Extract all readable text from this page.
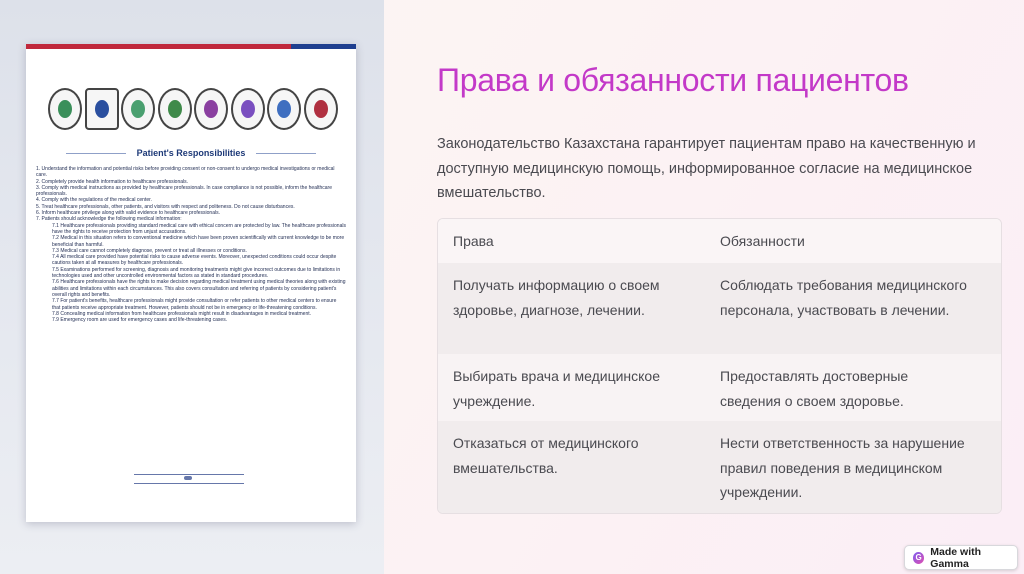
Patient's Responsibilities
1. Understand the information and potential risks before providing consent or non-consent to undergo medical investigations or medical care.
2. Completely provide health information to healthcare professionals.
3. Comply with medical instructions as provided by healthcare professionals. In case compliance is not possible, inform the healthcare professionals.
4. Comply with the regulations of the medical center.
5. Treat healthcare professionals, other patients, and visitors with respect and politeness. Do not cause disturbances.
6. Inform healthcare privilege along with valid evidence to healthcare professionals.
7. Patients should acknowledge the following medical information:
7.1 Healthcare professionals providing standard medical care with ethical concern are protected by law. The healthcare professionals have the rights to receive protection from unjust accusations.
7.2 Medical in this situation refers to conventional medicine which have been proven scientifically with current knowledge to be more beneficial than harmful.
7.3 Medical care cannot completely diagnose, prevent or treat all illnesses or conditions.
7.4 All medical care provided have potential risks to cause adverse events. Moreover, unexpected conditions could occur despite cautions taken at all measures by healthcare professionals.
7.5 Examinations performed for screening, diagnosis and monitoring treatments might give incorrect outcomes due to limitations in technologies used and other uncontrolled environmental factors as stated in standard procedures.
7.6 Healthcare professionals have the rights to make decision regarding medical treatment using medical theories along with existing abilities and limitations within each circumstances. This also covers consultation and referring of patients by considering patient's overall rights and benefits.
7.7 For patient's benefits, healthcare professionals might provide consultation or refer patients to other medical centers to ensure that patients receive appropriate treatment. However, patients should not be in emergency or life-threatening conditions.
7.8 Concealing medical information from healthcare professionals might result in disadvantages in medical treatment.
7.9 Emergency room are used for emergency cases and life-threatening cases.
Права и обязанности пациентов

Законодательство Казахстана гарантирует пациентам право на качественную и доступную медицинскую помощь, информированное согласие на медицинское вмешательство.

Права	Обязанности
Получать информацию о своем здоровье, диагнозе, лечении.
Соблюдать требования медицинского персонала, участвовать в лечении.
Выбирать врача и медицинское учреждение.
Предоставлять достоверные сведения о своем здоровье.
Отказаться от медицинского вмешательства.
Нести ответственность за нарушение правил поведения в медицинском учреждении.
G Made with Gamma
